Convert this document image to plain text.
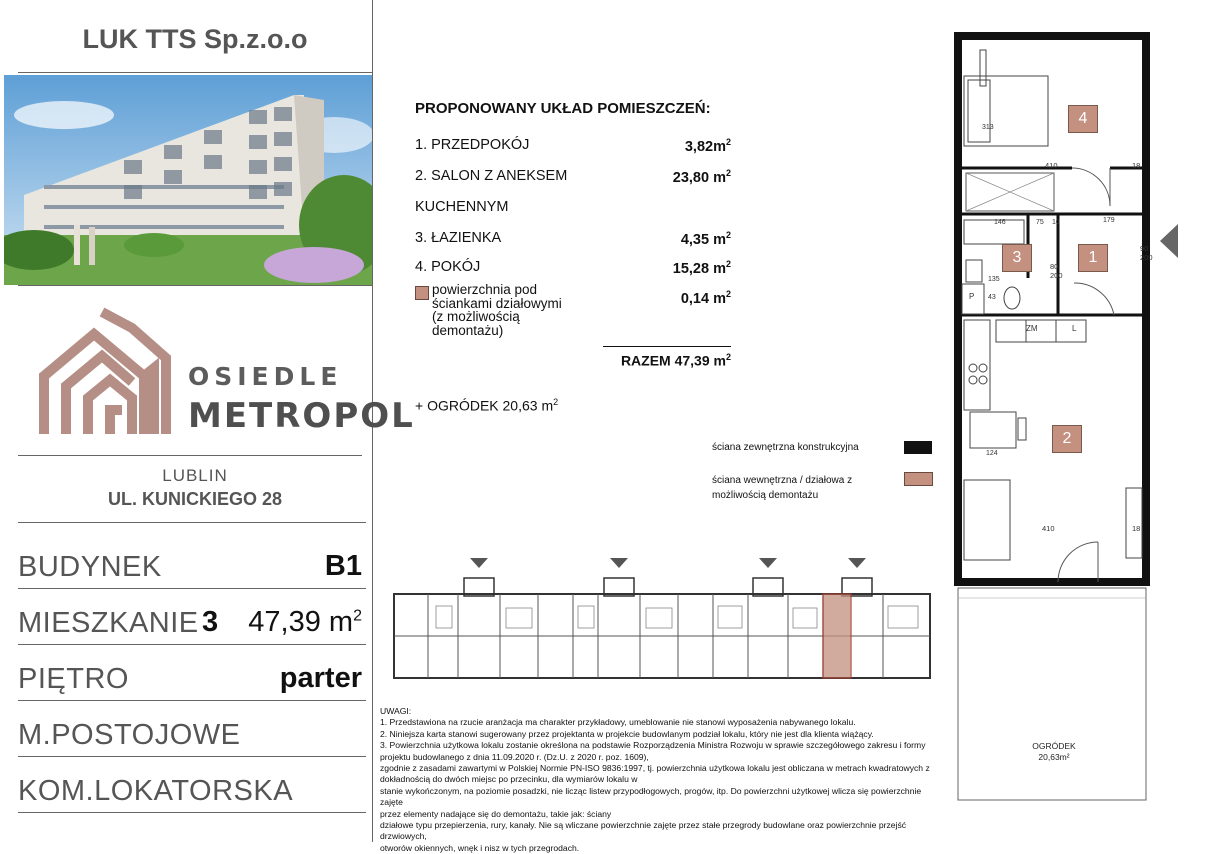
LUK TTS Sp.z.o.o
OSIEDLE
METROPOL
LUBLIN
UL. KUNICKIEGO 28
BUDYNEK	B1
MIESZKANIE 3 47,39 $m^2$
PIĘTRO	parter
M.POSTOJOWE
KOM.LOKATORSKA
PROPONOWANY UKŁAD POMIESZCZEŃ:
1. PRZEDPOKÓJ	$3,82m^2$
2. SALON Z ANEKSEM	23,80 $m^2$
KUCHENNYM
3. ŁAZIENKA	4,35 $m^2$
4. POKÓJ	15,28 $m^2$
powierzchnia pod
ściankami działowymi
(z możliwością
demontażu)
0,14 $m^2$
RAZEM 47,39 $m^2$
+ OGRÓDEK 20,63 $m^2$
ściana zewnętrzna konstrukcyjna
ściana wewnętrzna / działowa z
możliwością demontażu
UWAGI:
1. Przedstawiona na rzucie aranżacja ma charakter przykładowy, umeblowanie nie stanowi wyposażenia nabywanego lokalu.
2. Niniejsza karta stanowi sugerowany przez projektanta w projekcie budowlanym podział lokalu, który nie jest dla klienta wiążący.
3. Powierzchnia użytkowa lokalu zostanie określona na podstawie Rozporządzenia Ministra Rozwoju w sprawie szczegółowego zakresu i formy
projektu budowlanego z dnia 11.09.2020 r. (Dz.U. z 2020 r. poz. 1609),
zgodnie z zasadami zawartymi w Polskiej Normie PN-ISO 9836:1997, tj. powierzchnia użytkowa lokalu jest obliczana w metrach kwadratowych z
dokładnością do dwóch miejsc po przecinku, dla wymiarów lokalu w
stanie wykończonym, na poziomie posadzki, nie licząc listew przypodłogowych, progów, itp. Do powierzchni użytkowej wlicza się powierzchnie zajęte
przez elementy nadające się do demontażu, takie jak: ściany
działowe typu przepierzenia, rury, kanały. Nie są wliczane powierzchnie zajęte przez stałe przegrody budowlane oraz powierzchnie przejść drzwiowych,
otworów okiennych, wnęk i nisz w tych przegrodach.
4
2
3	1
410	18
410	18
90
200
80
200
146	75 10	179
135
43
313
124
ZM	L
P
OGRÓDEK
20,63m²
